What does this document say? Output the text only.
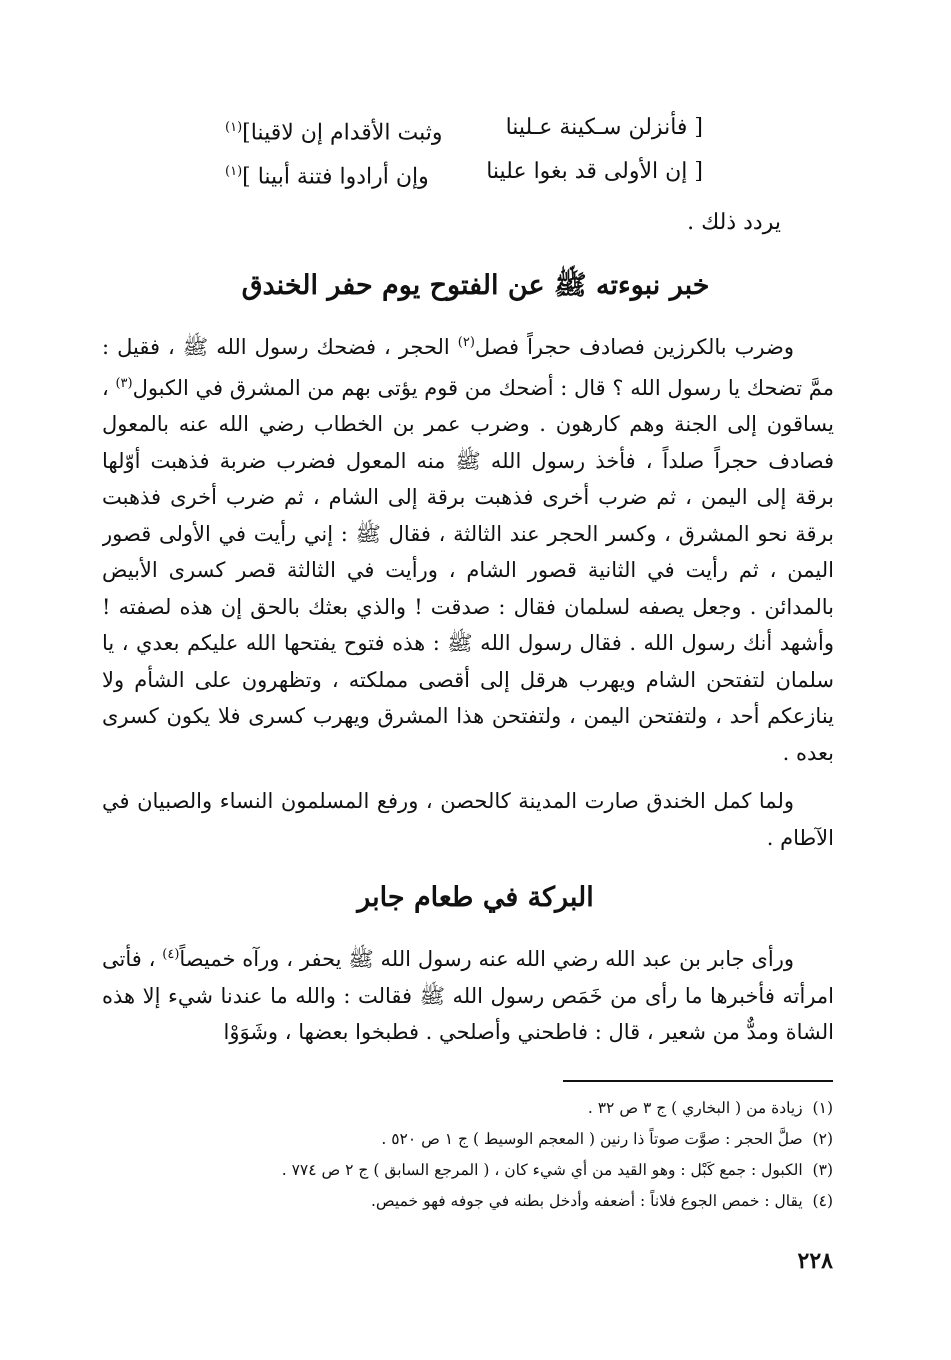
[ فأنزلن سـكينة عـلينا
وثبت الأقدام إن لاقينا]$^{(١)}$
[ إن الأولى قد بغوا علينا
وإن أرادوا فتنة أبينا ]$^{(١)}$
يردد ذلك .
خبر نبوءته ﷺ عن الفتوح يوم حفر الخندق
وضرب بالكرزين فصادف حجراً فصل$^{(٢)}$ الحجر ، فضحك رسول الله ﷺ ، فقيل : ممَّ تضحك يا رسول الله ؟ قال : أضحك من قوم يؤتى بهم من المشرق في الكبول$^{(٣)}$ ، يساقون إلى الجنة وهم كارهون . وضرب عمر بن الخطاب رضي الله عنه بالمعول فصادف حجراً صلداً ، فأخذ رسول الله ﷺ منه المعول فضرب ضربة فذهبت أوّلها برقة إلى اليمن ، ثم ضرب أخرى فذهبت برقة إلى الشام ، ثم ضرب أخرى فذهبت برقة نحو المشرق ، وكسر الحجر عند الثالثة ، فقال ﷺ : إني رأيت في الأولى قصور اليمن ، ثم رأيت في الثانية قصور الشام ، ورأيت في الثالثة قصر كسرى الأبيض بالمدائن . وجعل يصفه لسلمان فقال : صدقت ! والذي بعثك بالحق إن هذه لصفته ! وأشهد أنك رسول الله . فقال رسول الله ﷺ : هذه فتوح يفتحها الله عليكم بعدي ، يا سلمان لتفتحن الشام ويهرب هرقل إلى أقصى مملكته ، وتظهرون على الشأم ولا ينازعكم أحد ، ولتفتحن اليمن ، ولتفتحن هذا المشرق ويهرب كسرى فلا يكون كسرى بعده .
ولما كمل الخندق صارت المدينة كالحصن ، ورفع المسلمون النساء والصبيان في الآطام .
البركة في طعام جابر
ورأى جابر بن عبد الله رضي الله عنه رسول الله ﷺ يحفر ، ورآه خميصاً$^{(٤)}$ ، فأتى امرأته فأخبرها ما رأى من خَمَص رسول الله ﷺ فقالت : والله ما عندنا شيء إلا هذه الشاة ومدٌّ من شعير ، قال : فاطحني وأصلحي . فطبخوا بعضها ، وشَوَوْا
(١)  زيادة من ( البخاري ) ج ٣ ص ٣٢ .
(٢)  صلَّ الحجر : صوَّت صوتاً ذا رنين ( المعجم الوسيط ) ج ١ ص ٥٢٠ .
(٣)  الكبول : جمع كَبْل : وهو القيد من أي شيء كان ، ( المرجع السابق ) ج ٢ ص ٧٧٤ .
(٤)  يقال : خمص الجوع فلاناً : أضعفه وأدخل بطنه في جوفه فهو خميص.
٢٢٨
